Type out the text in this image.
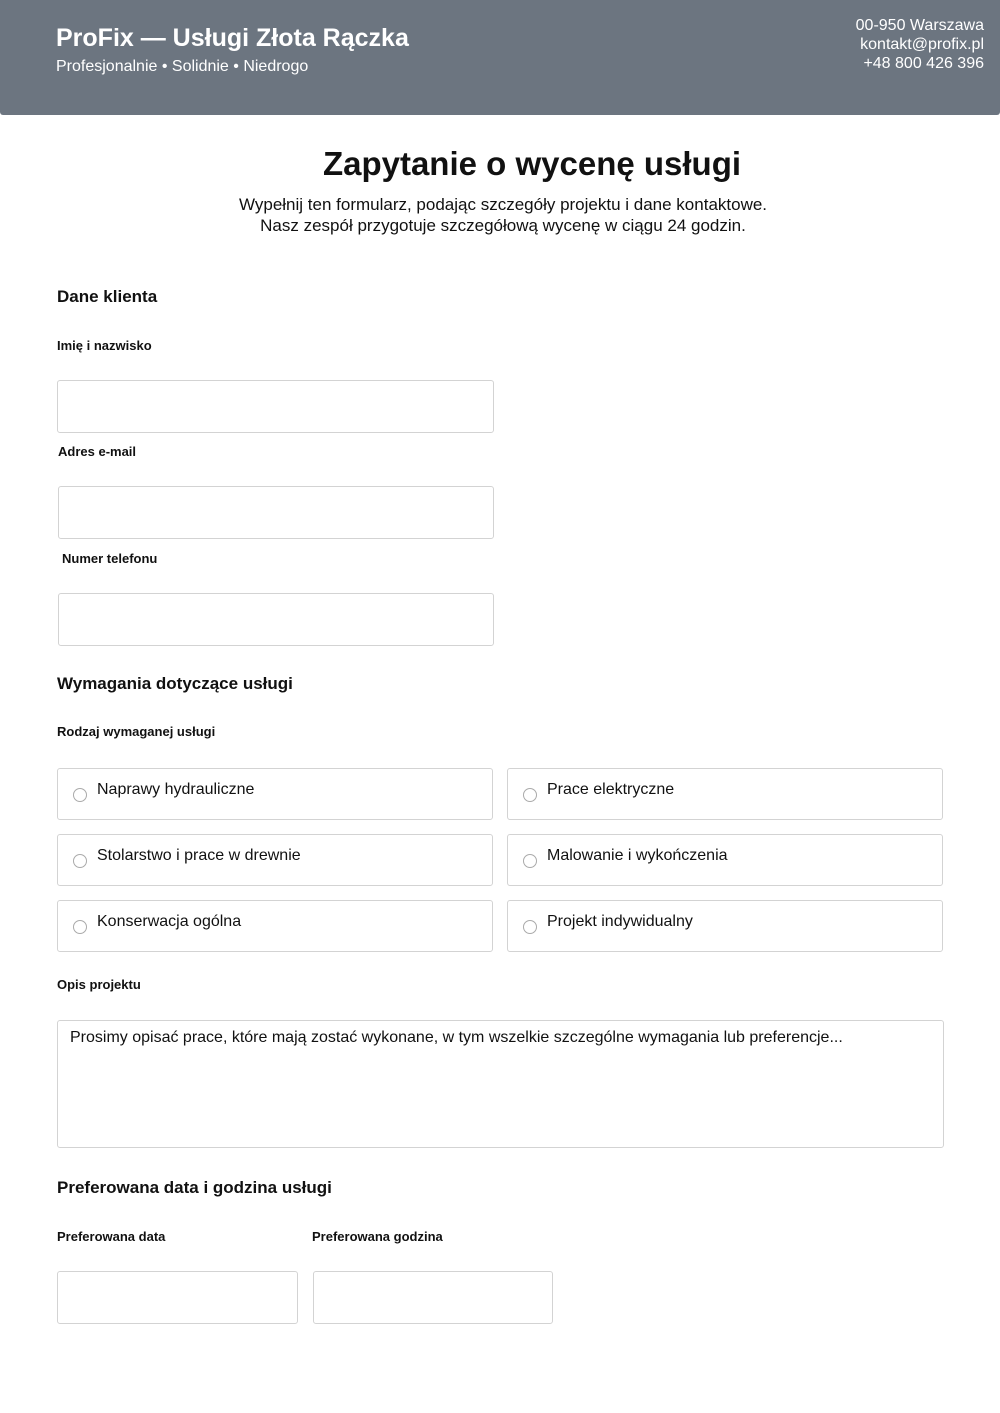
ProFix — Usługi Złota Rączka
Profesjonalnie • Solidnie • Niedrogo
00-950 Warszawa
kontakt@profix.pl
+48 800 426 396
Zapytanie o wycenę usługi
Wypełnij ten formularz, podając szczegóły projektu i dane kontaktowe.
Nasz zespół przygotuje szczegółową wycenę w ciągu 24 godzin.
Dane klienta
Imię i nazwisko
Adres e-mail
Numer telefonu
Wymagania dotyczące usługi
Rodzaj wymaganej usługi
Naprawy hydrauliczne	Prace elektryczne
Stolarstwo i prace w drewnie	Malowanie i wykończenia
Konserwacja ogólna	Projekt indywidualny
Opis projektu
Prosimy opisać prace, które mają zostać wykonane, w tym wszelkie szczególne wymagania lub preferencje...
Preferowana data i godzina usługi
Preferowana data	Preferowana godzina
